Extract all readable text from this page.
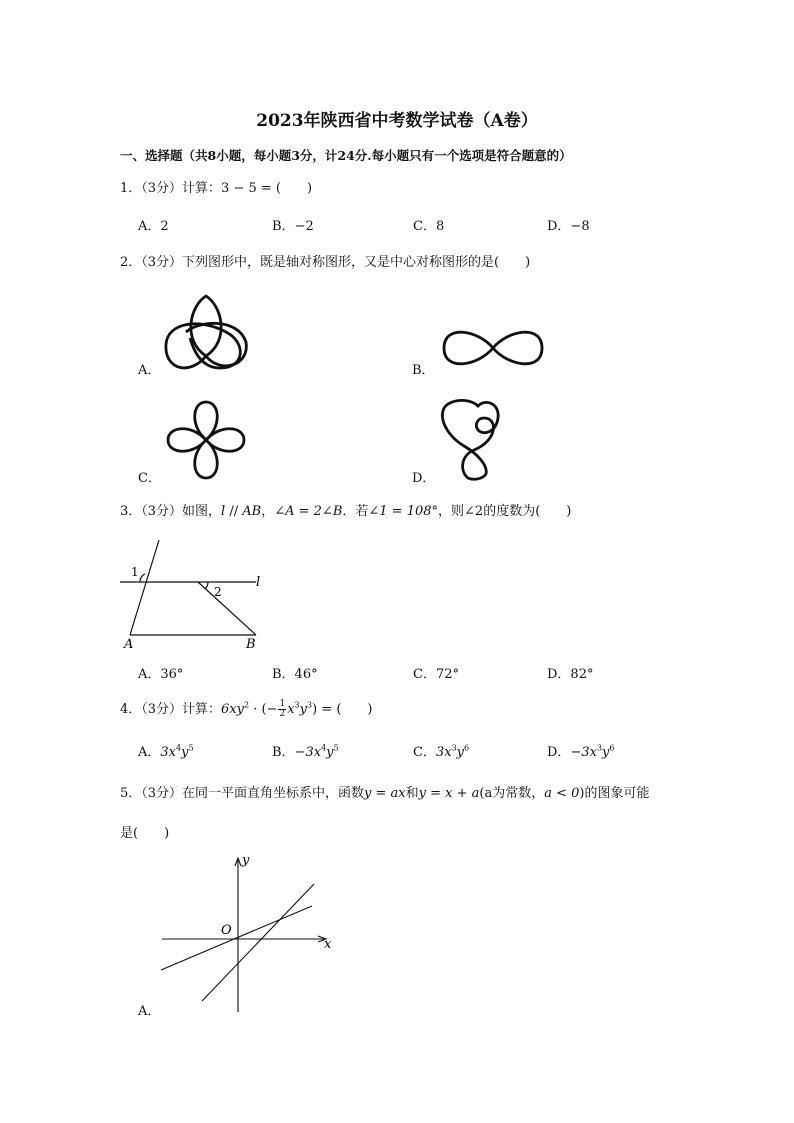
2023年陕西省中考数学试卷（A卷）
一、选择题（共8小题，每小题3分，计24分.每小题只有一个选项是符合题意的）
1．（3分）计算：3 − 5 = (　　)
A．2	B．−2	C．8	D．−8
2．（3分）下列图形中，既是轴对称图形，又是中心对称图形的是(　　)
A．	B．
C．	D．
3．（3分）如图，l // AB，∠A = 2∠B．若∠1 = 108°，则∠2的度数为(　　)
1
2
l
A	B
A．36°	B．46°	C．72°	D．82°
4．（3分）计算：$6xy^2$ · (− $\frac{1}{2} x^3y^3$) = (　　)
A．$3x^4y^5$	B．$-3x^4y^5$	C．$3x^3y^6$	D．$-3x^3y^6$
5．（3分）在同一平面直角坐标系中，函数y = ax和y = x + a(a为常数，a < 0)的图象可能
是(　　)
y
x
O
A．
